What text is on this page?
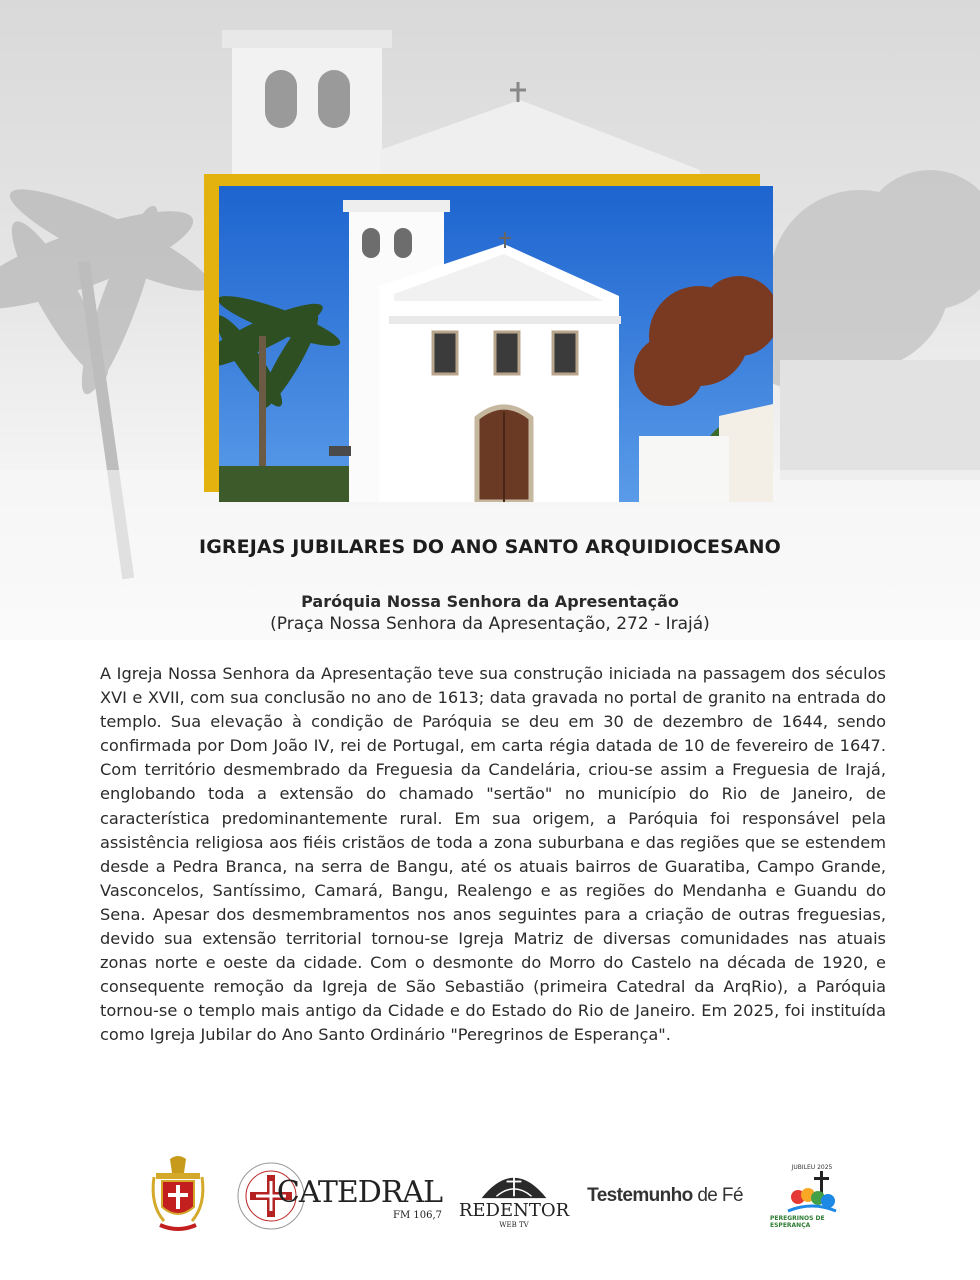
IGREJAS JUBILARES DO ANO SANTO ARQUIDIOCESANO
Paróquia Nossa Senhora da Apresentação
(Praça Nossa Senhora da Apresentação, 272 - Irajá)
A Igreja Nossa Senhora da Apresentação teve sua construção iniciada na passagem dos séculos XVI e XVII, com sua conclusão no ano de 1613; data gravada no portal de granito na entrada do templo. Sua elevação à condição de Paróquia se deu em 30 de dezembro de 1644, sendo confirmada por Dom João IV, rei de Portugal, em carta régia datada de 10 de fevereiro de 1647. Com território desmembrado da Freguesia da Candelária, criou-se assim a Freguesia de Irajá, englobando toda a extensão do chamado "sertão" no município do Rio de Janeiro, de característica predominantemente rural. Em sua origem, a Paróquia foi responsável pela assistência religiosa aos fiéis cristãos de toda a zona suburbana e das regiões que se estendem desde a Pedra Branca, na serra de Bangu, até os atuais bairros de Guaratiba, Campo Grande, Vasconcelos, Santíssimo, Camará, Bangu, Realengo e as regiões do Mendanha e Guandu do Sena. Apesar dos desmembramentos nos anos seguintes para a criação de outras freguesias, devido sua extensão territorial tornou-se Igreja Matriz de diversas comunidades nas atuais zonas norte e oeste da cidade. Com o desmonte do Morro do Castelo na década de 1920, e consequente remoção da Igreja de São Sebastião (primeira Catedral da ArqRio), a Paróquia tornou-se o templo mais antigo da Cidade e do Estado do Rio de Janeiro. Em 2025, foi instituída como Igreja Jubilar do Ano Santo Ordinário "Peregrinos de Esperança".
CATEDRAL
FM 106,7 REDENTOR
WEB TV
Testemunho de Fé
JUBILEU 2025
PEREGRINOS DE ESPERANÇA
